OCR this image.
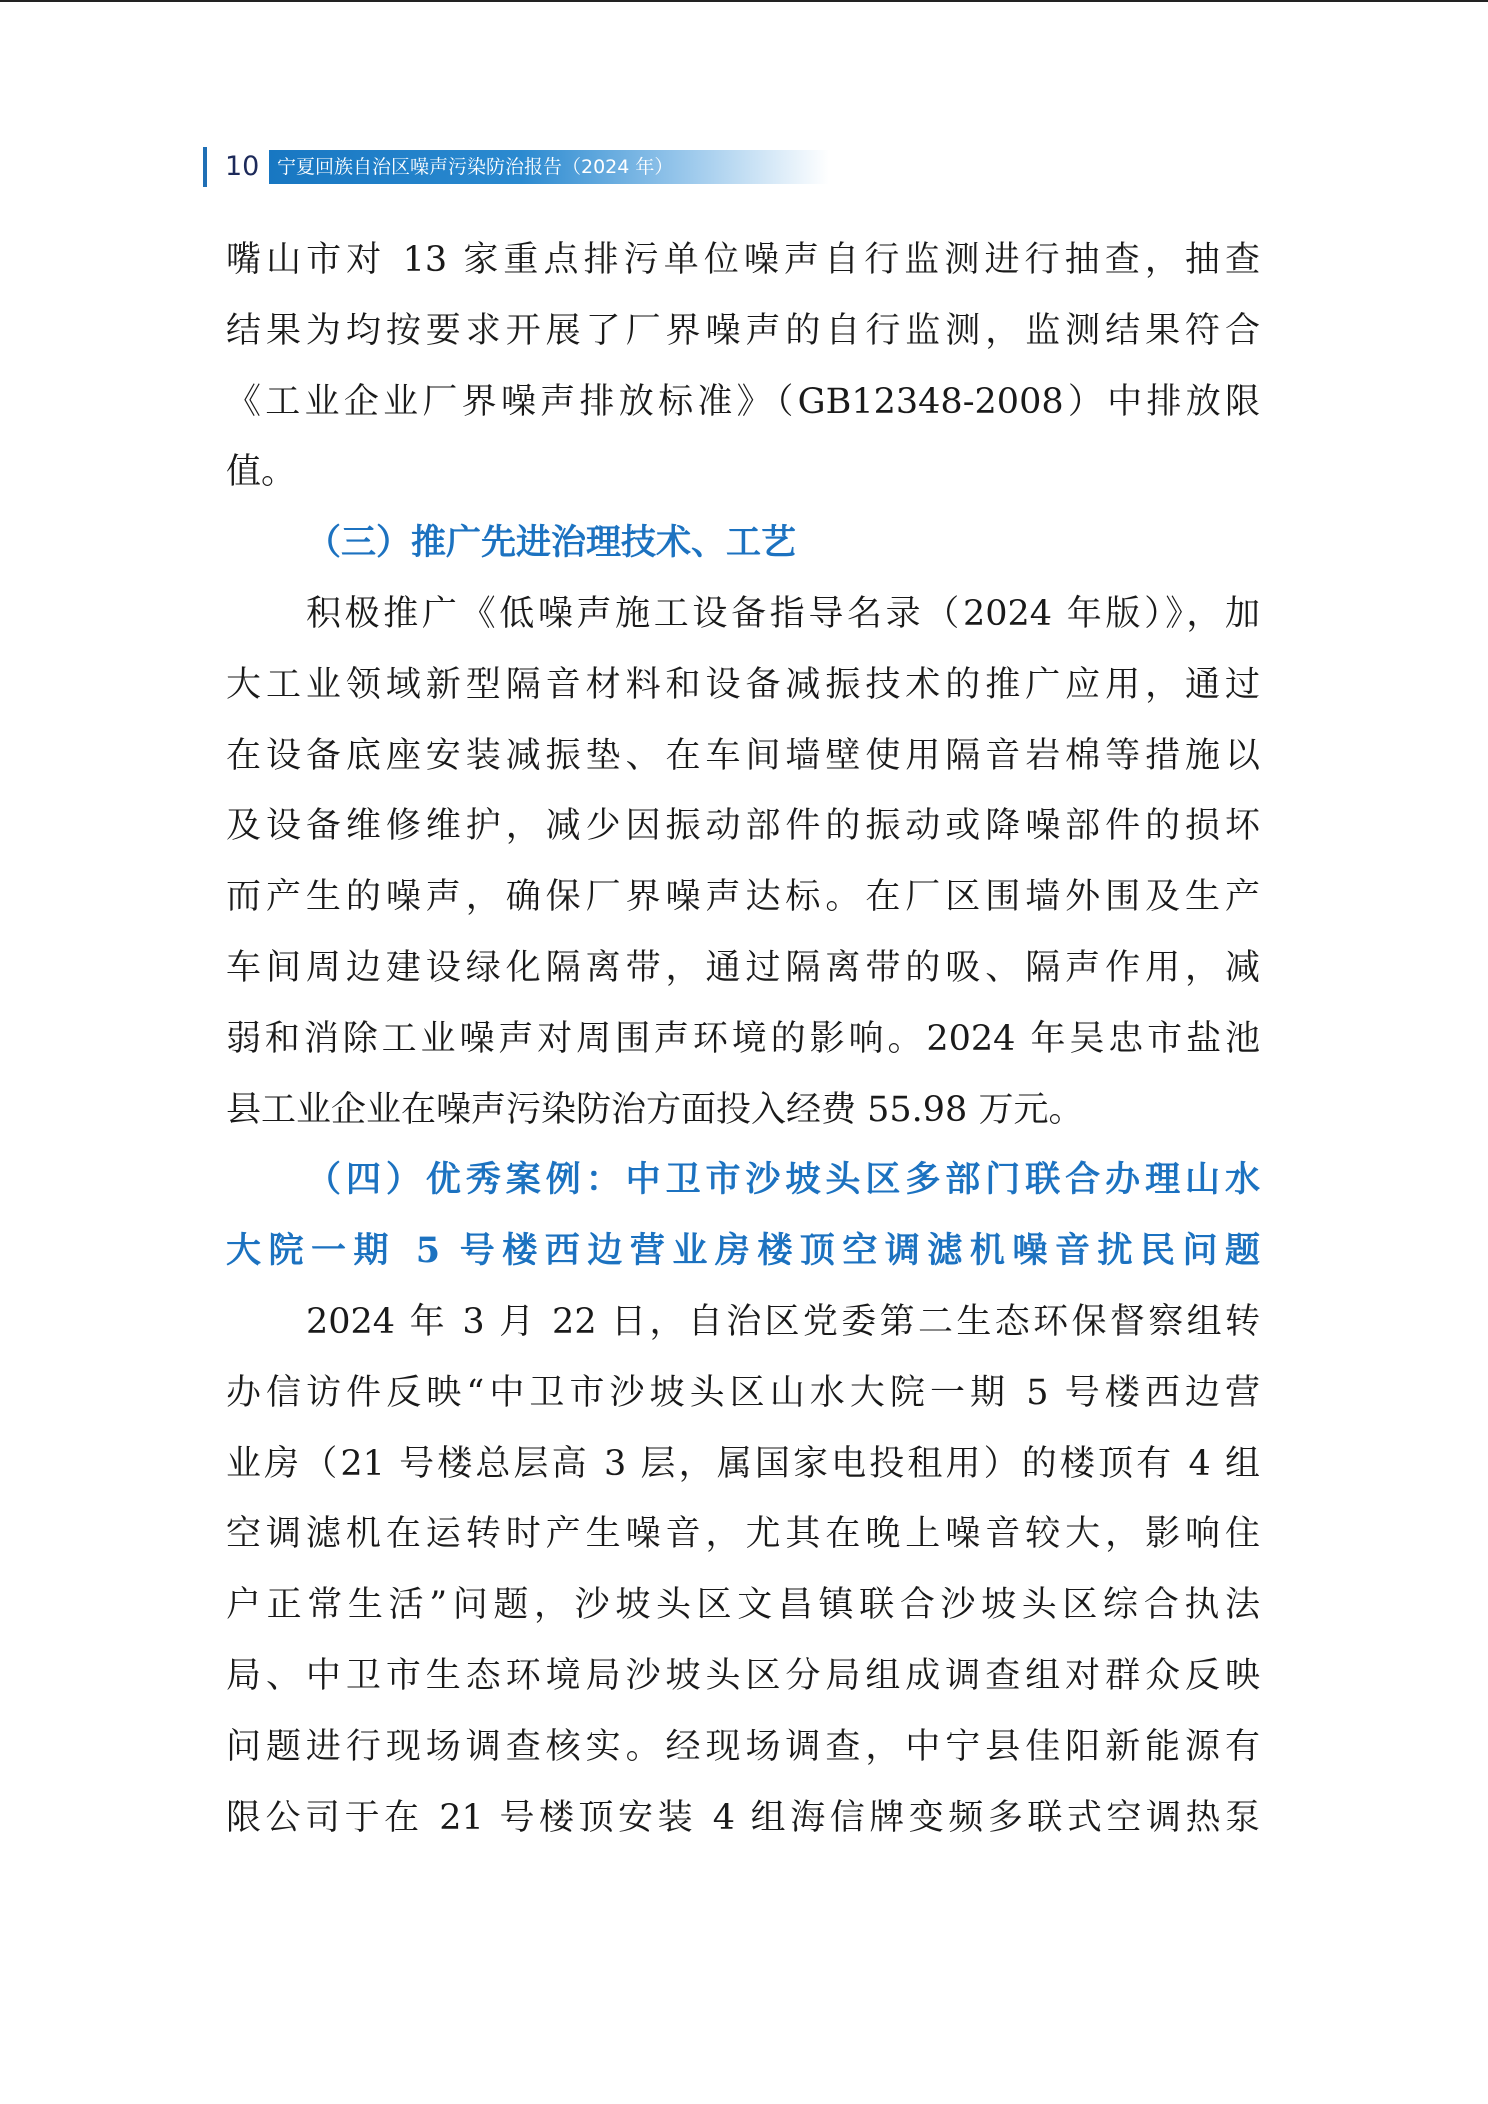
10 宁夏回族自治区噪声污染防治报告（2024 年）
嘴山市对 13 家重点排污单位噪声自行监测进行抽查，抽查
结果为均按要求开展了厂界噪声的自行监测，监测结果符合
《工业企业厂界噪声排放标准》（GB12348-2008）中排放限
值。
（三）推广先进治理技术、工艺
积极推广《低噪声施工设备指导名录（2024 年版）》，加
大工业领域新型隔音材料和设备减振技术的推广应用，通过
在设备底座安装减振垫、在车间墙壁使用隔音岩棉等措施以
及设备维修维护，减少因振动部件的振动或降噪部件的损坏
而产生的噪声，确保厂界噪声达标。在厂区围墙外围及生产
车间周边建设绿化隔离带，通过隔离带的吸、隔声作用，减
弱和消除工业噪声对周围声环境的影响。2024 年吴忠市盐池
县工业企业在噪声污染防治方面投入经费 55.98 万元。
（四）优秀案例：中卫市沙坡头区多部门联合办理山水
大院一期 5 号楼西边营业房楼顶空调滤机噪音扰民问题
2024 年 3 月 22 日，自治区党委第二生态环保督察组转
办信访件反映“中卫市沙坡头区山水大院一期 5 号楼西边营
业房（21 号楼总层高 3 层，属国家电投租用）的楼顶有 4 组
空调滤机在运转时产生噪音，尤其在晚上噪音较大，影响住
户正常生活”问题，沙坡头区文昌镇联合沙坡头区综合执法
局、中卫市生态环境局沙坡头区分局组成调查组对群众反映
问题进行现场调查核实。经现场调查，中宁县佳阳新能源有
限公司于在 21 号楼顶安装 4 组海信牌变频多联式空调热泵
